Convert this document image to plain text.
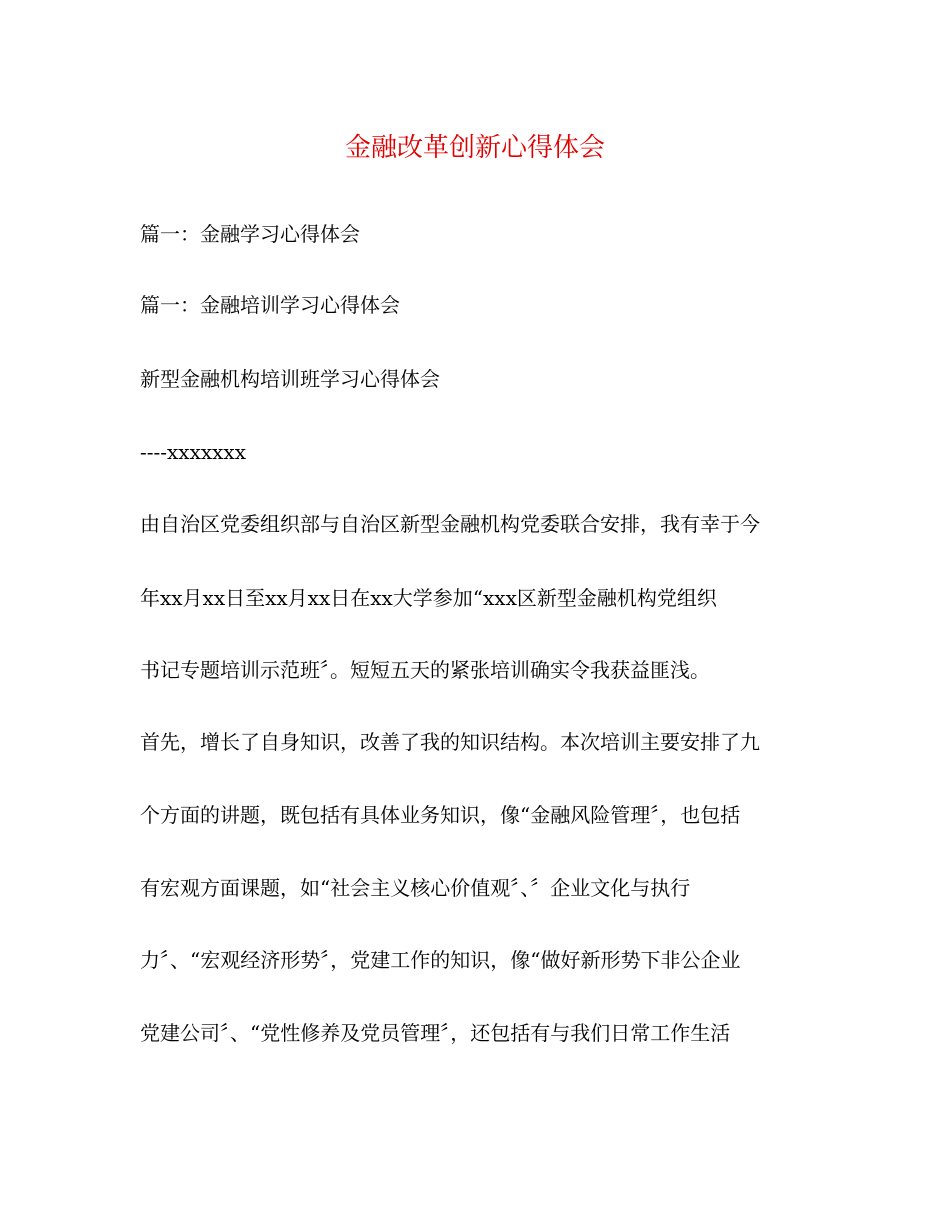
金融改革创新心得体会
篇一：金融学习心得体会
篇一：金融培训学习心得体会
新型金融机构培训班学习心得体会
----xxxxxxx
由自治区党委组织部与自治区新型金融机构党委联合安排，我有幸于今
年xx月xx日至xx月xx日在xx大学参加“xxx区新型金融机构党组织
书记专题培训示范班〞。短短五天的紧张培训确实令我获益匪浅。
首先，增长了自身知识，改善了我的知识结构。本次培训主要安排了九
个方面的讲题，既包括有具体业务知识，像“金融风险管理〞，也包括
有宏观方面课题，如“社会主义核心价值观〞、〞企业文化与执行
力〞、“宏观经济形势〞，党建工作的知识，像“做好新形势下非公企业
党建公司〞、“党性修养及党员管理〞，还包括有与我们日常工作生活
